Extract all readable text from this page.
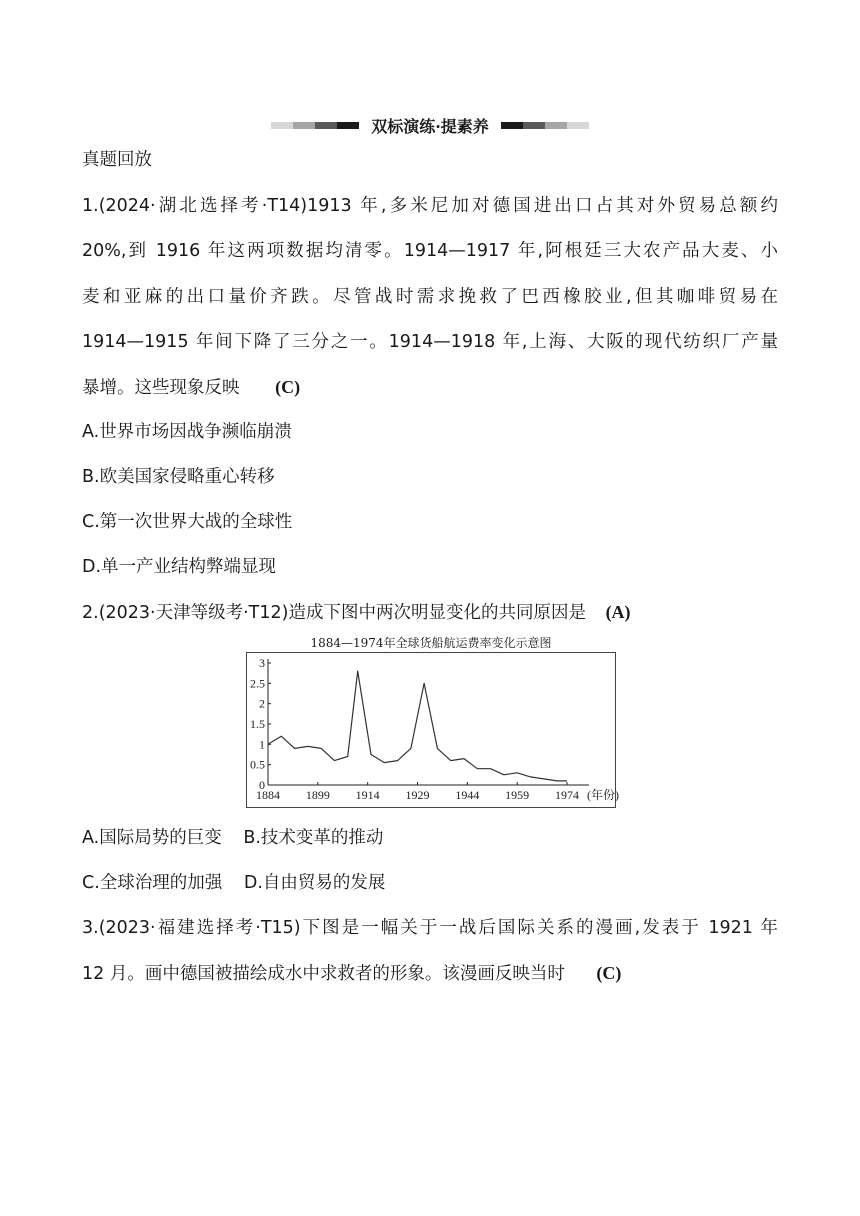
双标演练·提素养
真题回放
1.(2024·湖北选择考·T14)1913 年,多米尼加对德国进出口占其对外贸易总额约
20%,到 1916 年这两项数据均清零。1914—1917 年,阿根廷三大农产品大麦、小
麦和亚麻的出口量价齐跌。尽管战时需求挽救了巴西橡胶业,但其咖啡贸易在
1914—1915 年间下降了三分之一。1914—1918 年,上海、大阪的现代纺织厂产量
暴增。这些现象反映 (C)
A.世界市场因战争濒临崩溃
B.欧美国家侵略重心转移
C.第一次世界大战的全球性
D.单一产业结构弊端显现
2.(2023·天津等级考·T12)造成下图中两次明显变化的共同原因是 (A)
1884—1974年全球货船航运费率变化示意图
0
0.5
1
1.5
2
2.5
3
1884 1899 1914 1929 1944 1959 1974 (年份)
A.国际局势的巨变 B.技术变革的推动
C.全球治理的加强 D.自由贸易的发展
3.(2023·福建选择考·T15)下图是一幅关于一战后国际关系的漫画,发表于 1921 年
12 月。画中德国被描绘成水中求救者的形象。该漫画反映当时 (C)
